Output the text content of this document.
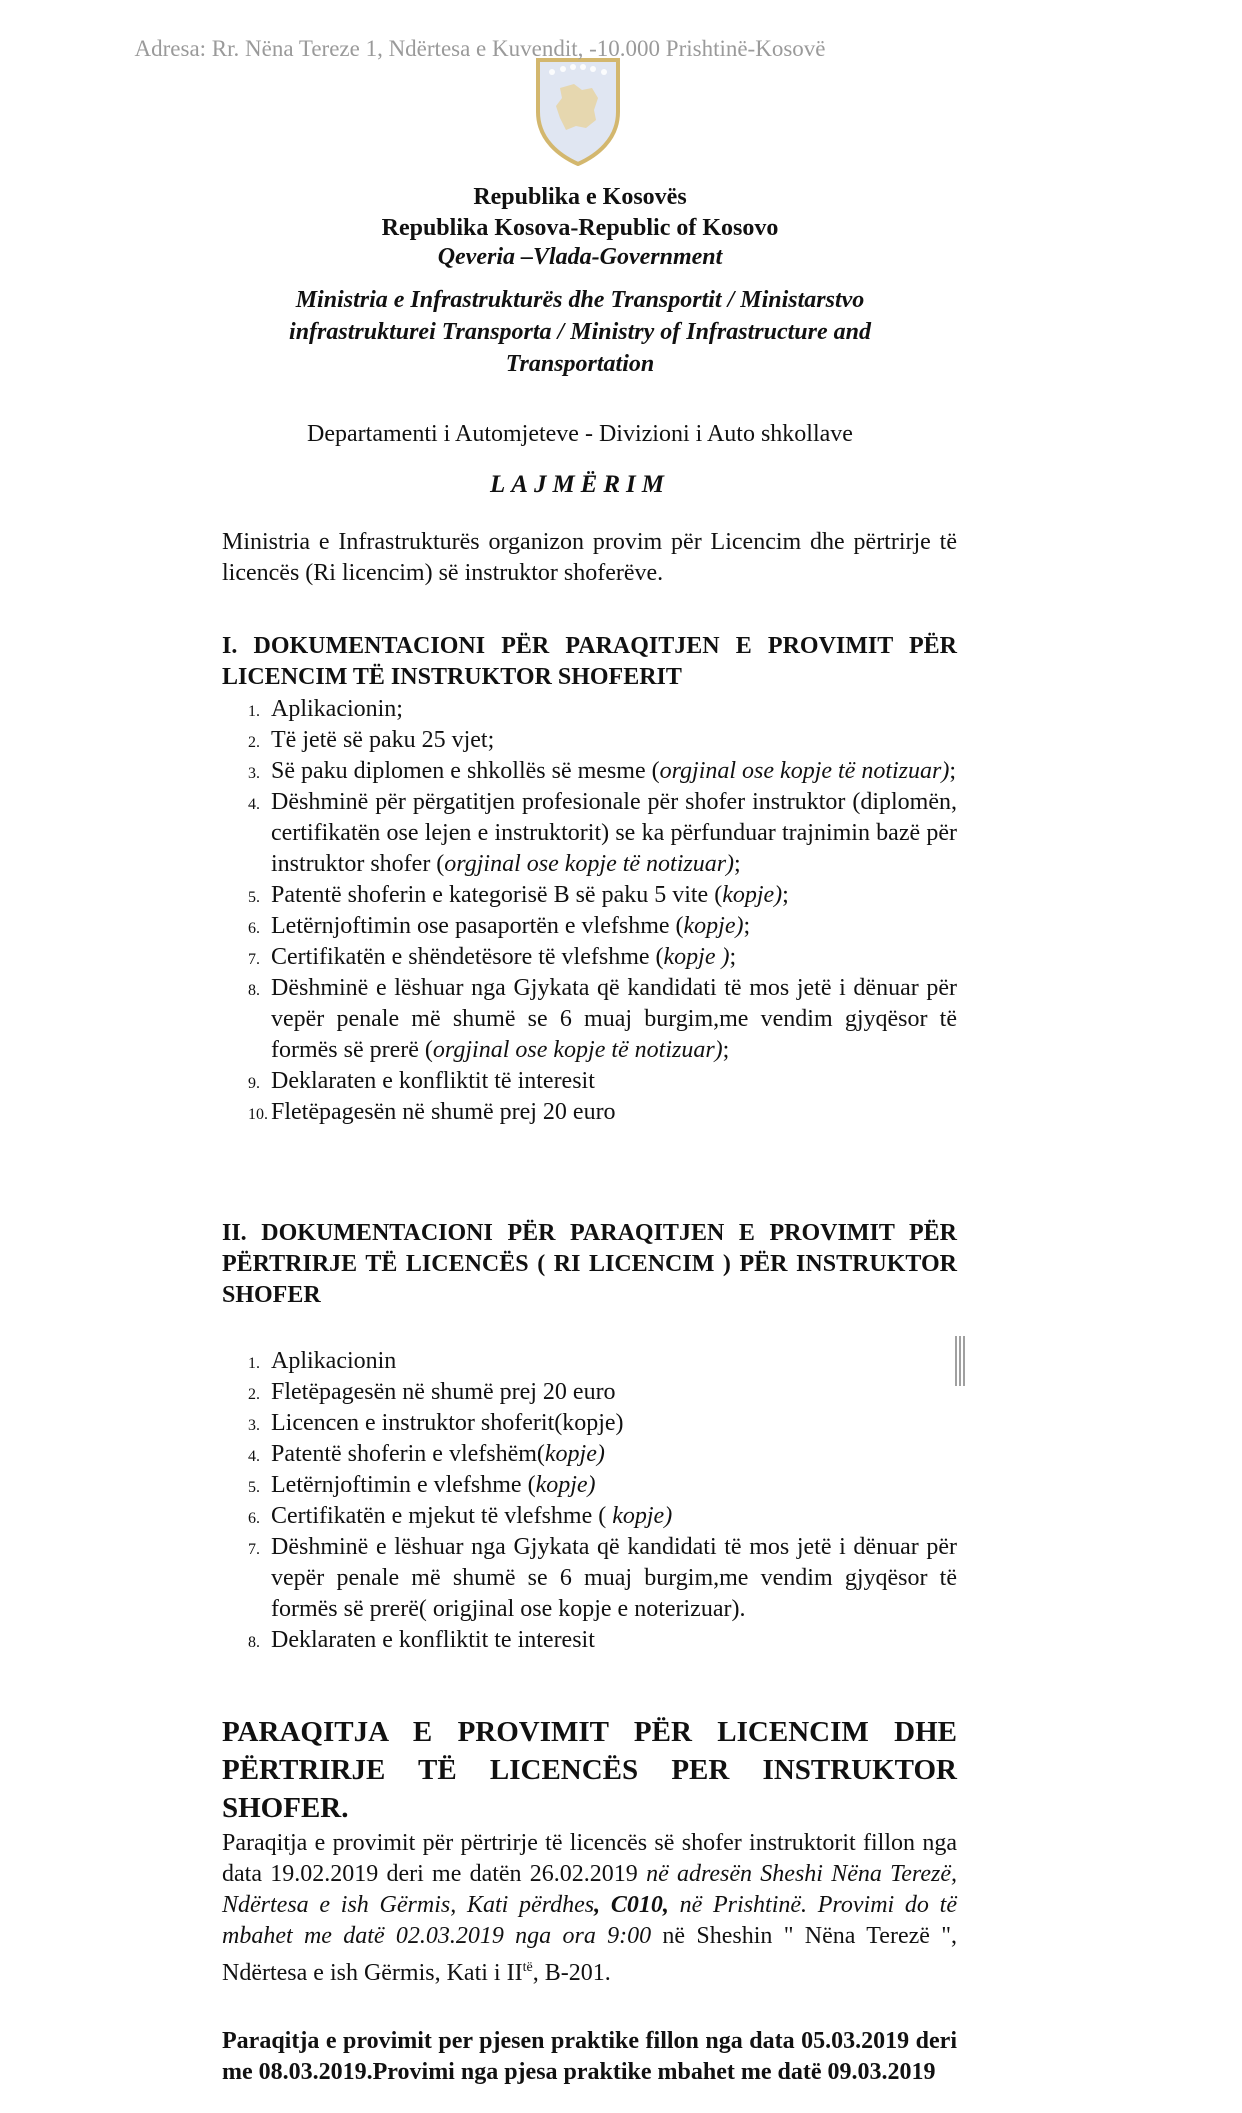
Adresa: Rr. Nëna Tereze 1, Ndërtesa e Kuvendit, -10.000 Prishtinë-Kosovë
Republika e Kosovës
Republika Kosova-Republic of Kosovo
Qeveria –Vlada-Government
Ministria e Infrastrukturës dhe Transportit / Ministarstvo infrastrukturei Transporta / Ministry of Infrastructure and Transportation
Departamenti i Automjeteve - Divizioni i Auto shkollave
LAJMËRIM
Ministria e Infrastrukturës organizon provim për Licencim dhe përtrirje të licencës (Ri licencim) së instruktor shoferëve.
I. DOKUMENTACIONI PËR PARAQITJEN E PROVIMIT PËR LICENCIM TË INSTRUKTOR SHOFERIT
1. Aplikacionin;
2. Të jetë së paku 25 vjet;
3. Së paku diplomen e shkollës së mesme (orgjinal ose kopje të notizuar);
4. Dëshminë për përgatitjen profesionale për shofer instruktor (diplomën, certifikatën ose lejen e instruktorit) se ka përfunduar trajnimin bazë për instruktor shofer (orgjinal ose kopje të notizuar);
5. Patentë shoferin e kategorisë B së paku 5 vite (kopje);
6. Letërnjoftimin ose pasaportën e vlefshme (kopje);
7. Certifikatën e shëndetësore të vlefshme (kopje );
8. Dëshminë e lëshuar nga Gjykata që kandidati të mos jetë i dënuar për vepër penale më shumë se 6 muaj burgim,me vendim gjyqësor të formës së prerë (orgjinal ose kopje të notizuar);
9. Deklaraten e konfliktit të interesit
10. Fletëpagesën në shumë prej 20 euro
II. DOKUMENTACIONI PËR PARAQITJEN E PROVIMIT PËR PËRTRIRJE TË LICENCËS ( RI LICENCIM ) PËR INSTRUKTOR SHOFER
1. Aplikacionin
2. Fletëpagesën në shumë prej 20 euro
3. Licencen e instruktor shoferit(kopje)
4. Patentë shoferin e vlefshëm(kopje)
5. Letërnjoftimin e vlefshme (kopje)
6. Certifikatën e mjekut të vlefshme ( kopje)
7. Dëshminë e lëshuar nga Gjykata që kandidati të mos jetë i dënuar për vepër penale më shumë se 6 muaj burgim,me vendim gjyqësor të formës së prerë( origjinal ose kopje e noterizuar).
8. Deklaraten e konfliktit te interesit
PARAQITJA E PROVIMIT PËR LICENCIM DHE PËRTRIRJE TË LICENCËS PER INSTRUKTOR SHOFER.
Paraqitja e provimit për përtrirje të licencës së shofer instruktorit fillon nga data 19.02.2019 deri me datën 26.02.2019 në adresën Sheshi Nëna Terezë, Ndërtesa e ish Gërmis, Kati përdhes, C010, në Prishtinë. Provimi do të mbahet me datë 02.03.2019 nga ora 9:00 në Sheshin " Nëna Terezë ", Ndërtesa e ish Gërmis, Kati i $II^{të}$, B-201.
Paraqitja e provimit per pjesen praktike fillon nga data 05.03.2019 deri me 08.03.2019.Provimi nga pjesa praktike mbahet me datë 09.03.2019
